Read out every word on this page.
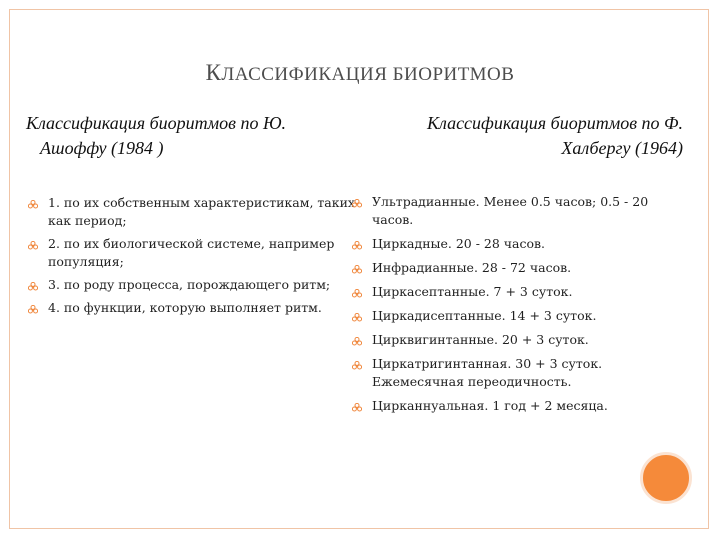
КЛАССИФИКАЦИЯ БИОРИТМОВ
Классификация биоритмов по Ю.
Ашоффу (1984 )
Классификация биоритмов по Ф.
Халбергу (1964)
1. по их собственным характеристикам, таких как период;
2. по их биологической системе, например популяция;
3. по роду процесса, порождающего ритм;
4. по функции, которую выполняет ритм.
Ультрадианные. Менее 0.5 часов; 0.5 - 20 часов.
Циркадные. 20 - 28 часов.
Инфрадианные. 28 - 72 часов.
Циркасептанные. 7 + 3 суток.
Циркадисептанные. 14 + 3 суток.
Цирквигинтанные. 20 + 3 суток.
Циркатригинтанная. 30 + 3 суток. Ежемесячная переодичность.
Цирканнуальная. 1 год + 2 месяца.
